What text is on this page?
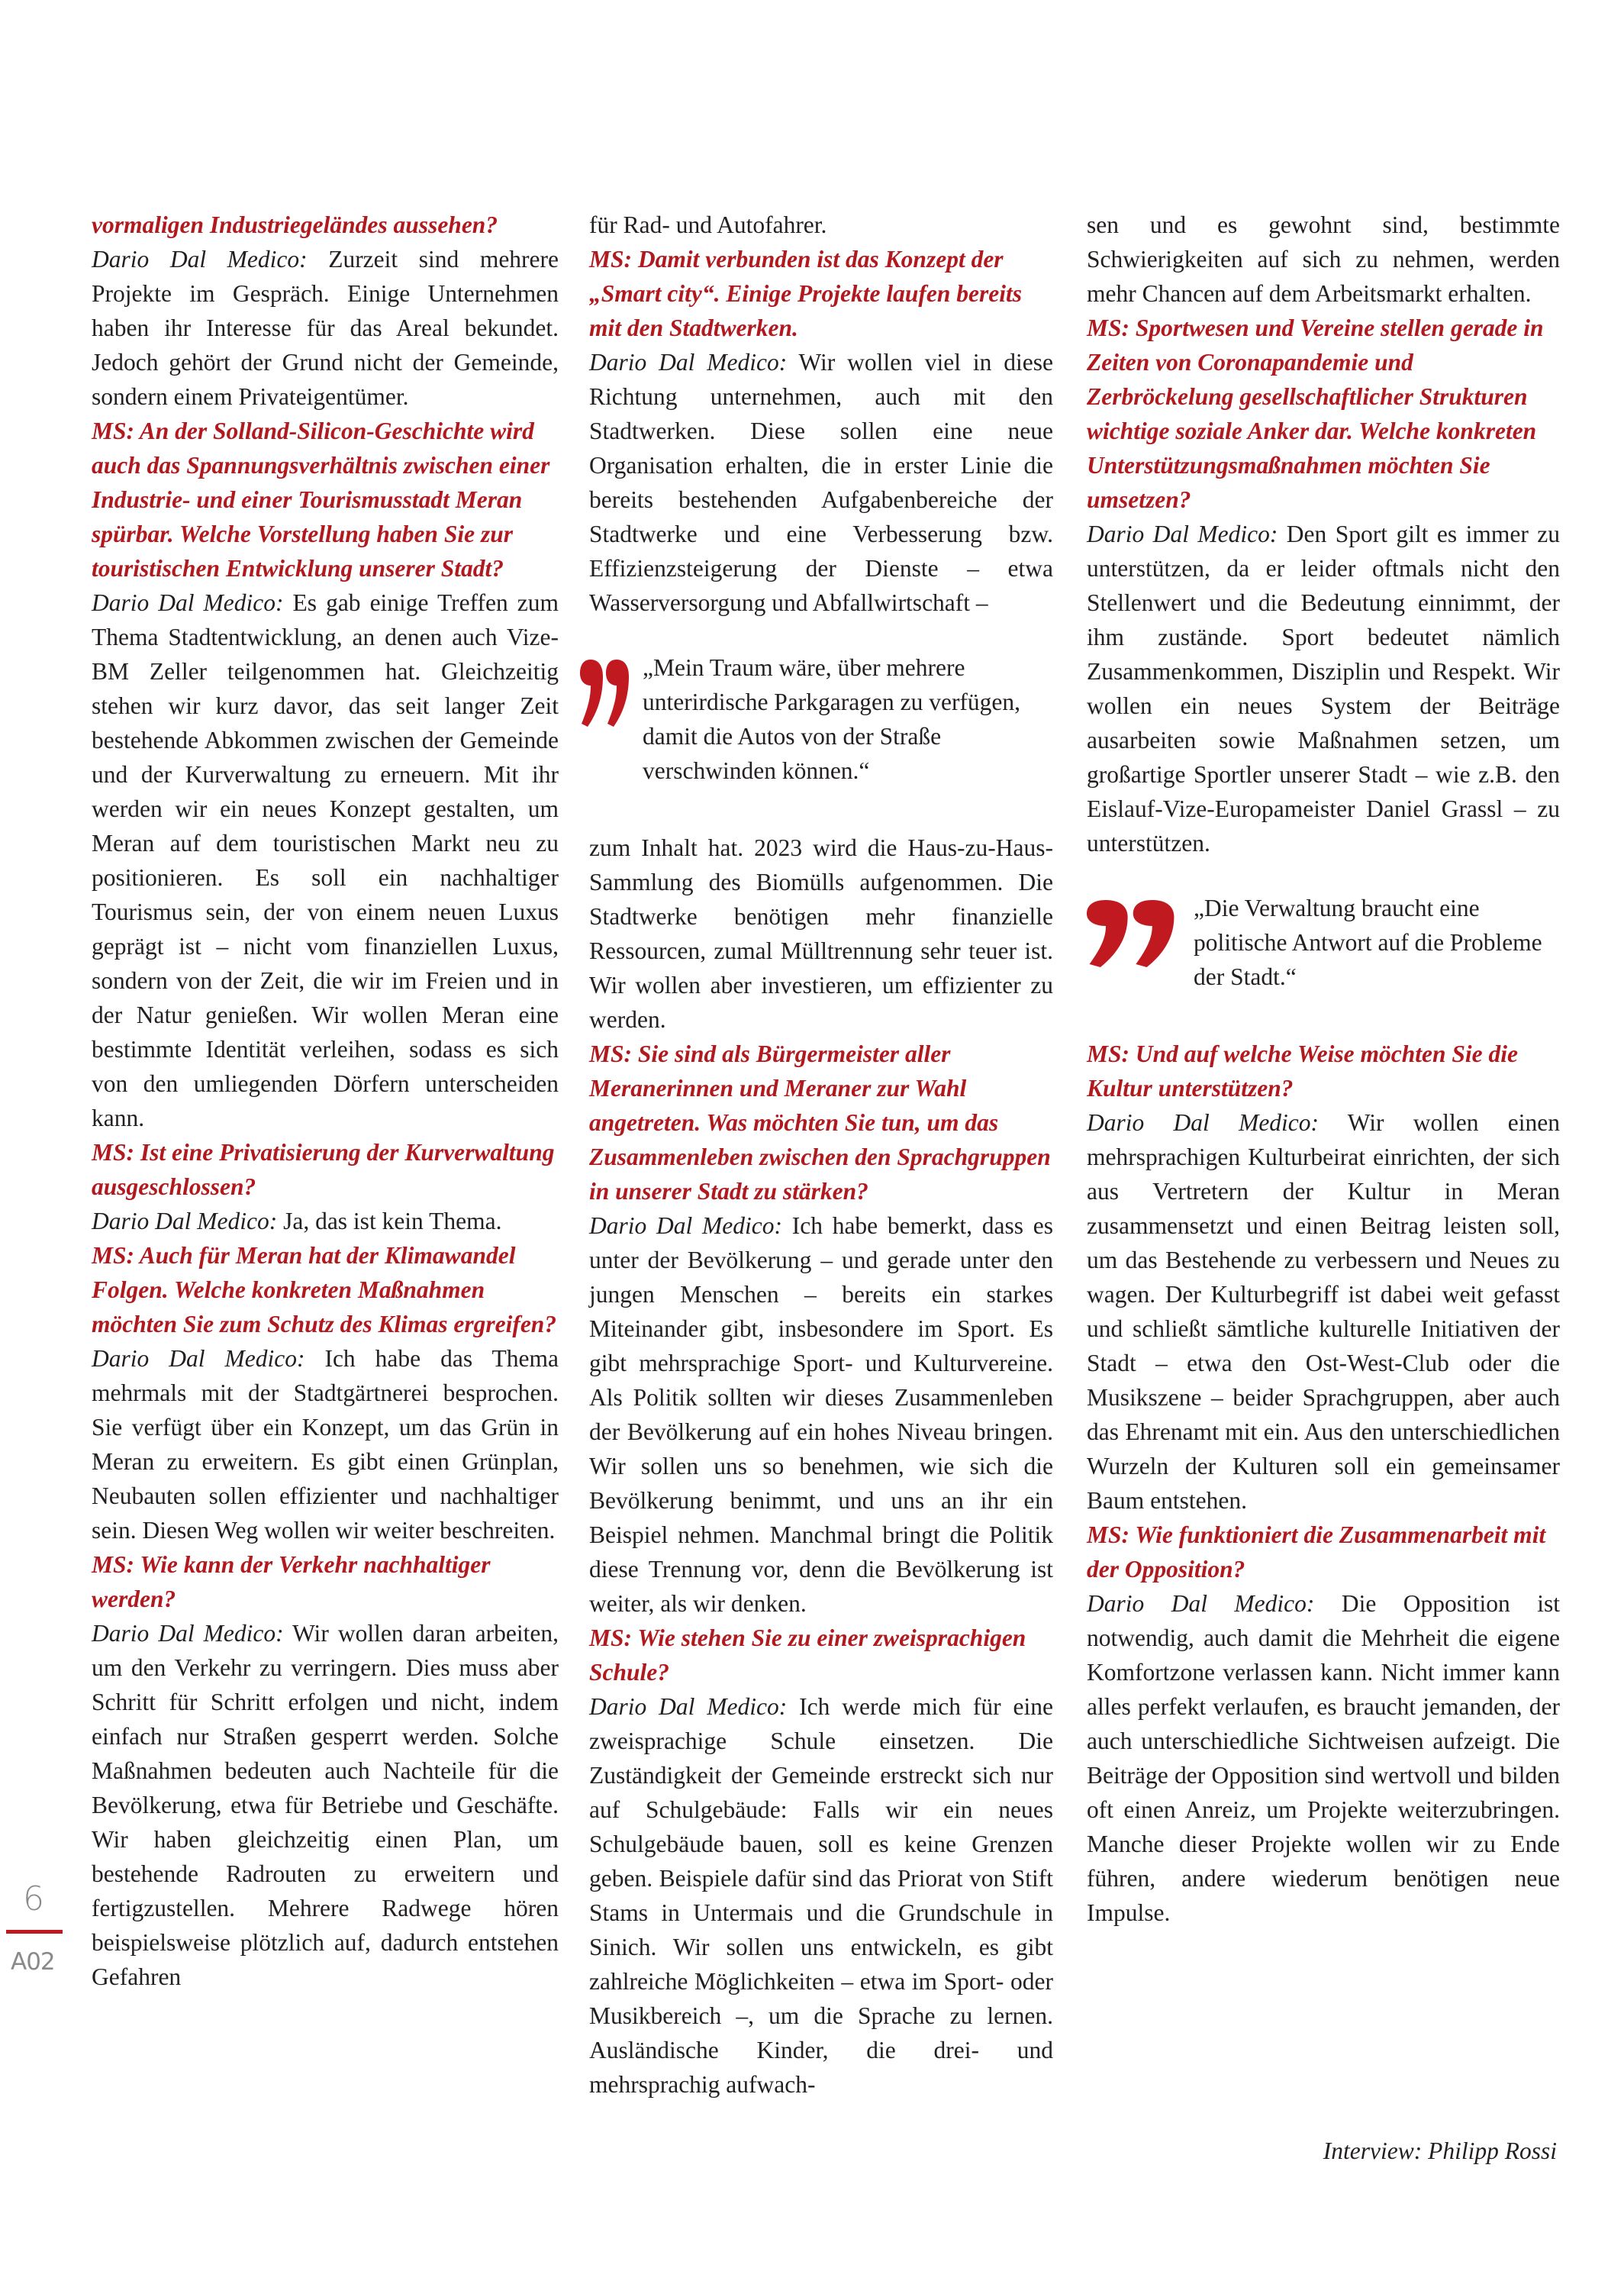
vormaligen Industriegeländes aussehen?

Dario Dal Medico: Zurzeit sind mehrere Projekte im Gespräch. Einige Unternehmen haben ihr Interesse für das Areal bekundet. Jedoch gehört der Grund nicht der Gemeinde, sondern einem Privateigentümer.

MS: An der Solland-Silicon-Geschichte wird auch das Spannungsverhältnis zwischen einer Industrie- und einer Tourismusstadt Meran spürbar. Welche Vorstellung haben Sie zur touristischen Entwicklung unserer Stadt?

Dario Dal Medico: Es gab einige Treffen zum Thema Stadtentwicklung, an denen auch Vize-BM Zeller teilgenommen hat. Gleichzeitig stehen wir kurz davor, das seit langer Zeit bestehende Abkommen zwischen der Gemeinde und der Kurverwaltung zu erneuern. Mit ihr werden wir ein neues Konzept gestalten, um Meran auf dem touristischen Markt neu zu positionieren. Es soll ein nachhaltiger Tourismus sein, der von einem neuen Luxus geprägt ist – nicht vom finanziellen Luxus, sondern von der Zeit, die wir im Freien und in der Natur genießen. Wir wollen Meran eine bestimmte Identität verleihen, sodass es sich von den umliegenden Dörfern unterscheiden kann.

MS: Ist eine Privatisierung der Kurverwaltung ausgeschlossen?

Dario Dal Medico: Ja, das ist kein Thema.

MS: Auch für Meran hat der Klimawandel Folgen. Welche konkreten Maßnahmen möchten Sie zum Schutz des Klimas ergreifen?

Dario Dal Medico: Ich habe das Thema mehrmals mit der Stadtgärtnerei besprochen. Sie verfügt über ein Konzept, um das Grün in Meran zu erweitern. Es gibt einen Grünplan, Neubauten sollen effizienter und nachhaltiger sein. Diesen Weg wollen wir weiter beschreiten.

MS: Wie kann der Verkehr nachhaltiger werden?

Dario Dal Medico: Wir wollen daran arbeiten, um den Verkehr zu verringern. Dies muss aber Schritt für Schritt erfolgen und nicht, indem einfach nur Straßen gesperrt werden. Solche Maßnahmen bedeuten auch Nachteile für die Bevölkerung, etwa für Betriebe und Geschäfte. Wir haben gleichzeitig einen Plan, um bestehende Radrouten zu erweitern und fertigzustellen. Mehrere Radwege hören beispielsweise plötzlich auf, dadurch entstehen Gefahren

für Rad- und Autofahrer.

MS: Damit verbunden ist das Konzept der „Smart city“. Einige Projekte laufen bereits mit den Stadtwerken.

Dario Dal Medico: Wir wollen viel in diese Richtung unternehmen, auch mit den Stadtwerken. Diese sollen eine neue Organisation erhalten, die in erster Linie die bereits bestehenden Aufgabenbereiche der Stadtwerke und eine Verbesserung bzw. Effizienzsteigerung der Dienste – etwa Wasserversorgung und Abfallwirtschaft –

„Mein Traum wäre, über mehrere unterirdische Parkgaragen zu verfügen, damit die Autos von der Straße verschwinden können.“

zum Inhalt hat. 2023 wird die Haus-zu-Haus-Sammlung des Biomülls aufgenommen. Die Stadtwerke benötigen mehr finanzielle Ressourcen, zumal Mülltrennung sehr teuer ist. Wir wollen aber investieren, um effizienter zu werden.

MS: Sie sind als Bürgermeister aller Meranerinnen und Meraner zur Wahl angetreten. Was möchten Sie tun, um das Zusammenleben zwischen den Sprachgruppen in unserer Stadt zu stärken?

Dario Dal Medico: Ich habe bemerkt, dass es unter der Bevölkerung – und gerade unter den jungen Menschen – bereits ein starkes Miteinander gibt, insbesondere im Sport. Es gibt mehrsprachige Sport- und Kulturvereine. Als Politik sollten wir dieses Zusammenleben der Bevölkerung auf ein hohes Niveau bringen. Wir sollen uns so benehmen, wie sich die Bevölkerung benimmt, und uns an ihr ein Beispiel nehmen. Manchmal bringt die Politik diese Trennung vor, denn die Bevölkerung ist weiter, als wir denken.

MS: Wie stehen Sie zu einer zweisprachigen Schule?

Dario Dal Medico: Ich werde mich für eine zweisprachige Schule einsetzen. Die Zuständigkeit der Gemeinde erstreckt sich nur auf Schulgebäude: Falls wir ein neues Schulgebäude bauen, soll es keine Grenzen geben. Beispiele dafür sind das Priorat von Stift Stams in Untermais und die Grundschule in Sinich. Wir sollen uns entwickeln, es gibt zahlreiche Möglichkeiten – etwa im Sport- oder Musikbereich –, um die Sprache zu lernen. Ausländische Kinder, die drei- und mehrsprachig aufwach-

sen und es gewohnt sind, bestimmte Schwierigkeiten auf sich zu nehmen, werden mehr Chancen auf dem Arbeitsmarkt erhalten.

MS: Sportwesen und Vereine stellen gerade in Zeiten von Coronapandemie und Zerbröckelung gesellschaftlicher Strukturen wichtige soziale Anker dar. Welche konkreten Unterstützungsmaßnahmen möchten Sie umsetzen?

Dario Dal Medico: Den Sport gilt es immer zu unterstützen, da er leider oftmals nicht den Stellenwert und die Bedeutung einnimmt, der ihm zustände. Sport bedeutet nämlich Zusammenkommen, Disziplin und Respekt. Wir wollen ein neues System der Beiträge ausarbeiten sowie Maßnahmen setzen, um großartige Sportler unserer Stadt – wie z.B. den Eislauf-Vize-Europameister Daniel Grassl – zu unterstützen.

„Die Verwaltung braucht eine politische Antwort auf die Probleme der Stadt.“

MS: Und auf welche Weise möchten Sie die Kultur unterstützen?

Dario Dal Medico: Wir wollen einen mehrsprachigen Kulturbeirat einrichten, der sich aus Vertretern der Kultur in Meran zusammensetzt und einen Beitrag leisten soll, um das Bestehende zu verbessern und Neues zu wagen. Der Kulturbegriff ist dabei weit gefasst und schließt sämtliche kulturelle Initiativen der Stadt – etwa den Ost-West-Club oder die Musikszene – beider Sprachgruppen, aber auch das Ehrenamt mit ein. Aus den unterschiedlichen Wurzeln der Kulturen soll ein gemeinsamer Baum entstehen.

MS: Wie funktioniert die Zusammenarbeit mit der Opposition?

Dario Dal Medico: Die Opposition ist notwendig, auch damit die Mehrheit die eigene Komfortzone verlassen kann. Nicht immer kann alles perfekt verlaufen, es braucht jemanden, der auch unterschiedliche Sichtweisen aufzeigt. Die Beiträge der Opposition sind wertvoll und bilden oft einen Anreiz, um Projekte weiterzubringen. Manche dieser Projekte wollen wir zu Ende führen, andere wiederum benötigen neue Impulse.

Interview: Philipp Rossi
6
A02
